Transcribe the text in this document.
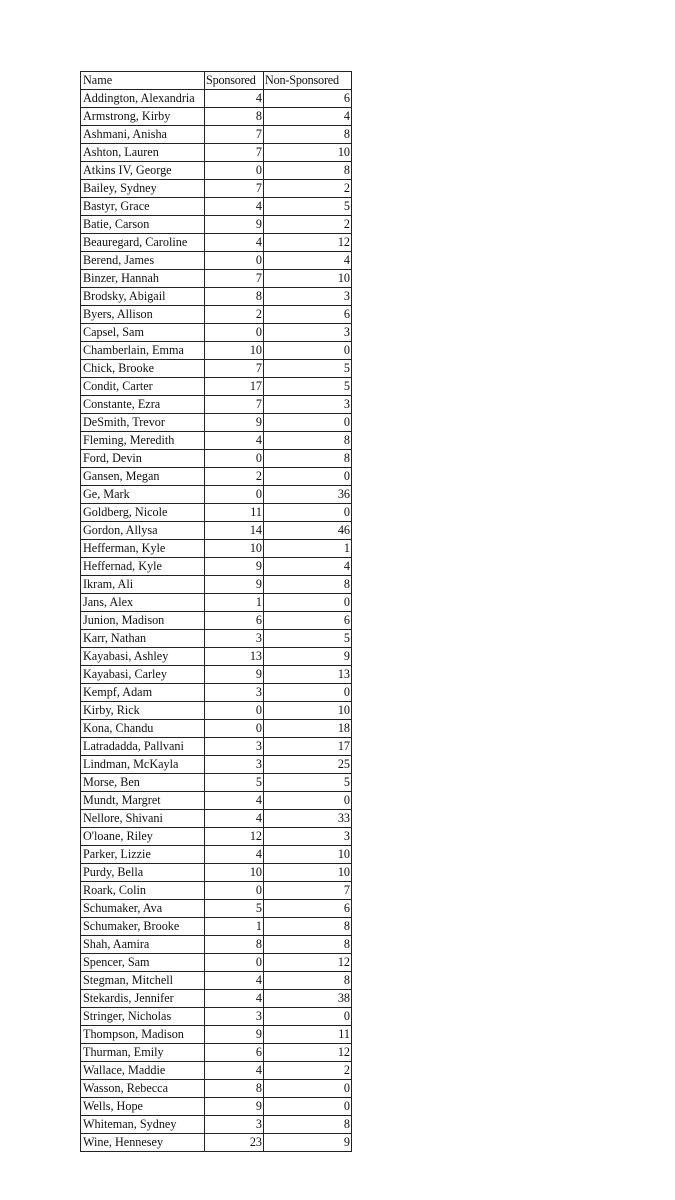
Name	Sponsored	Non-Sponsored
Addington, Alexandria	4	6
Armstrong, Kirby	8	4
Ashmani, Anisha	7	8
Ashton, Lauren	7	10
Atkins IV, George	0	8
Bailey, Sydney	7	2
Bastyr, Grace	4	5
Batie, Carson	9	2
Beauregard, Caroline	4	12
Berend, James	0	4
Binzer, Hannah	7	10
Brodsky, Abigail	8	3
Byers, Allison	2	6
Capsel, Sam	0	3
Chamberlain, Emma	10	0
Chick, Brooke	7	5
Condit, Carter	17	5
Constante, Ezra	7	3
DeSmith, Trevor	9	0
Fleming, Meredith	4	8
Ford, Devin	0	8
Gansen, Megan	2	0
Ge, Mark	0	36
Goldberg, Nicole	11	0
Gordon, Allysa	14	46
Hefferman, Kyle	10	1
Heffernad, Kyle	9	4
Ikram, Ali	9	8
Jans, Alex	1	0
Junion, Madison	6	6
Karr, Nathan	3	5
Kayabasi, Ashley	13	9
Kayabasi, Carley	9	13
Kempf, Adam	3	0
Kirby, Rick	0	10
Kona, Chandu	0	18
Latradadda, Pallvani	3	17
Lindman, McKayla	3	25
Morse, Ben	5	5
Mundt, Margret	4	0
Nellore, Shivani	4	33
O'loane, Riley	12	3
Parker, Lizzie	4	10
Purdy, Bella	10	10
Roark, Colin	0	7
Schumaker, Ava	5	6
Schumaker, Brooke	1	8
Shah, Aamira	8	8
Spencer, Sam	0	12
Stegman, Mitchell	4	8
Stekardis, Jennifer	4	38
Stringer, Nicholas	3	0
Thompson, Madison	9	11
Thurman, Emily	6	12
Wallace, Maddie	4	2
Wasson, Rebecca	8	0
Wells, Hope	9	0
Whiteman, Sydney	3	8
Wine, Hennesey	23	9
